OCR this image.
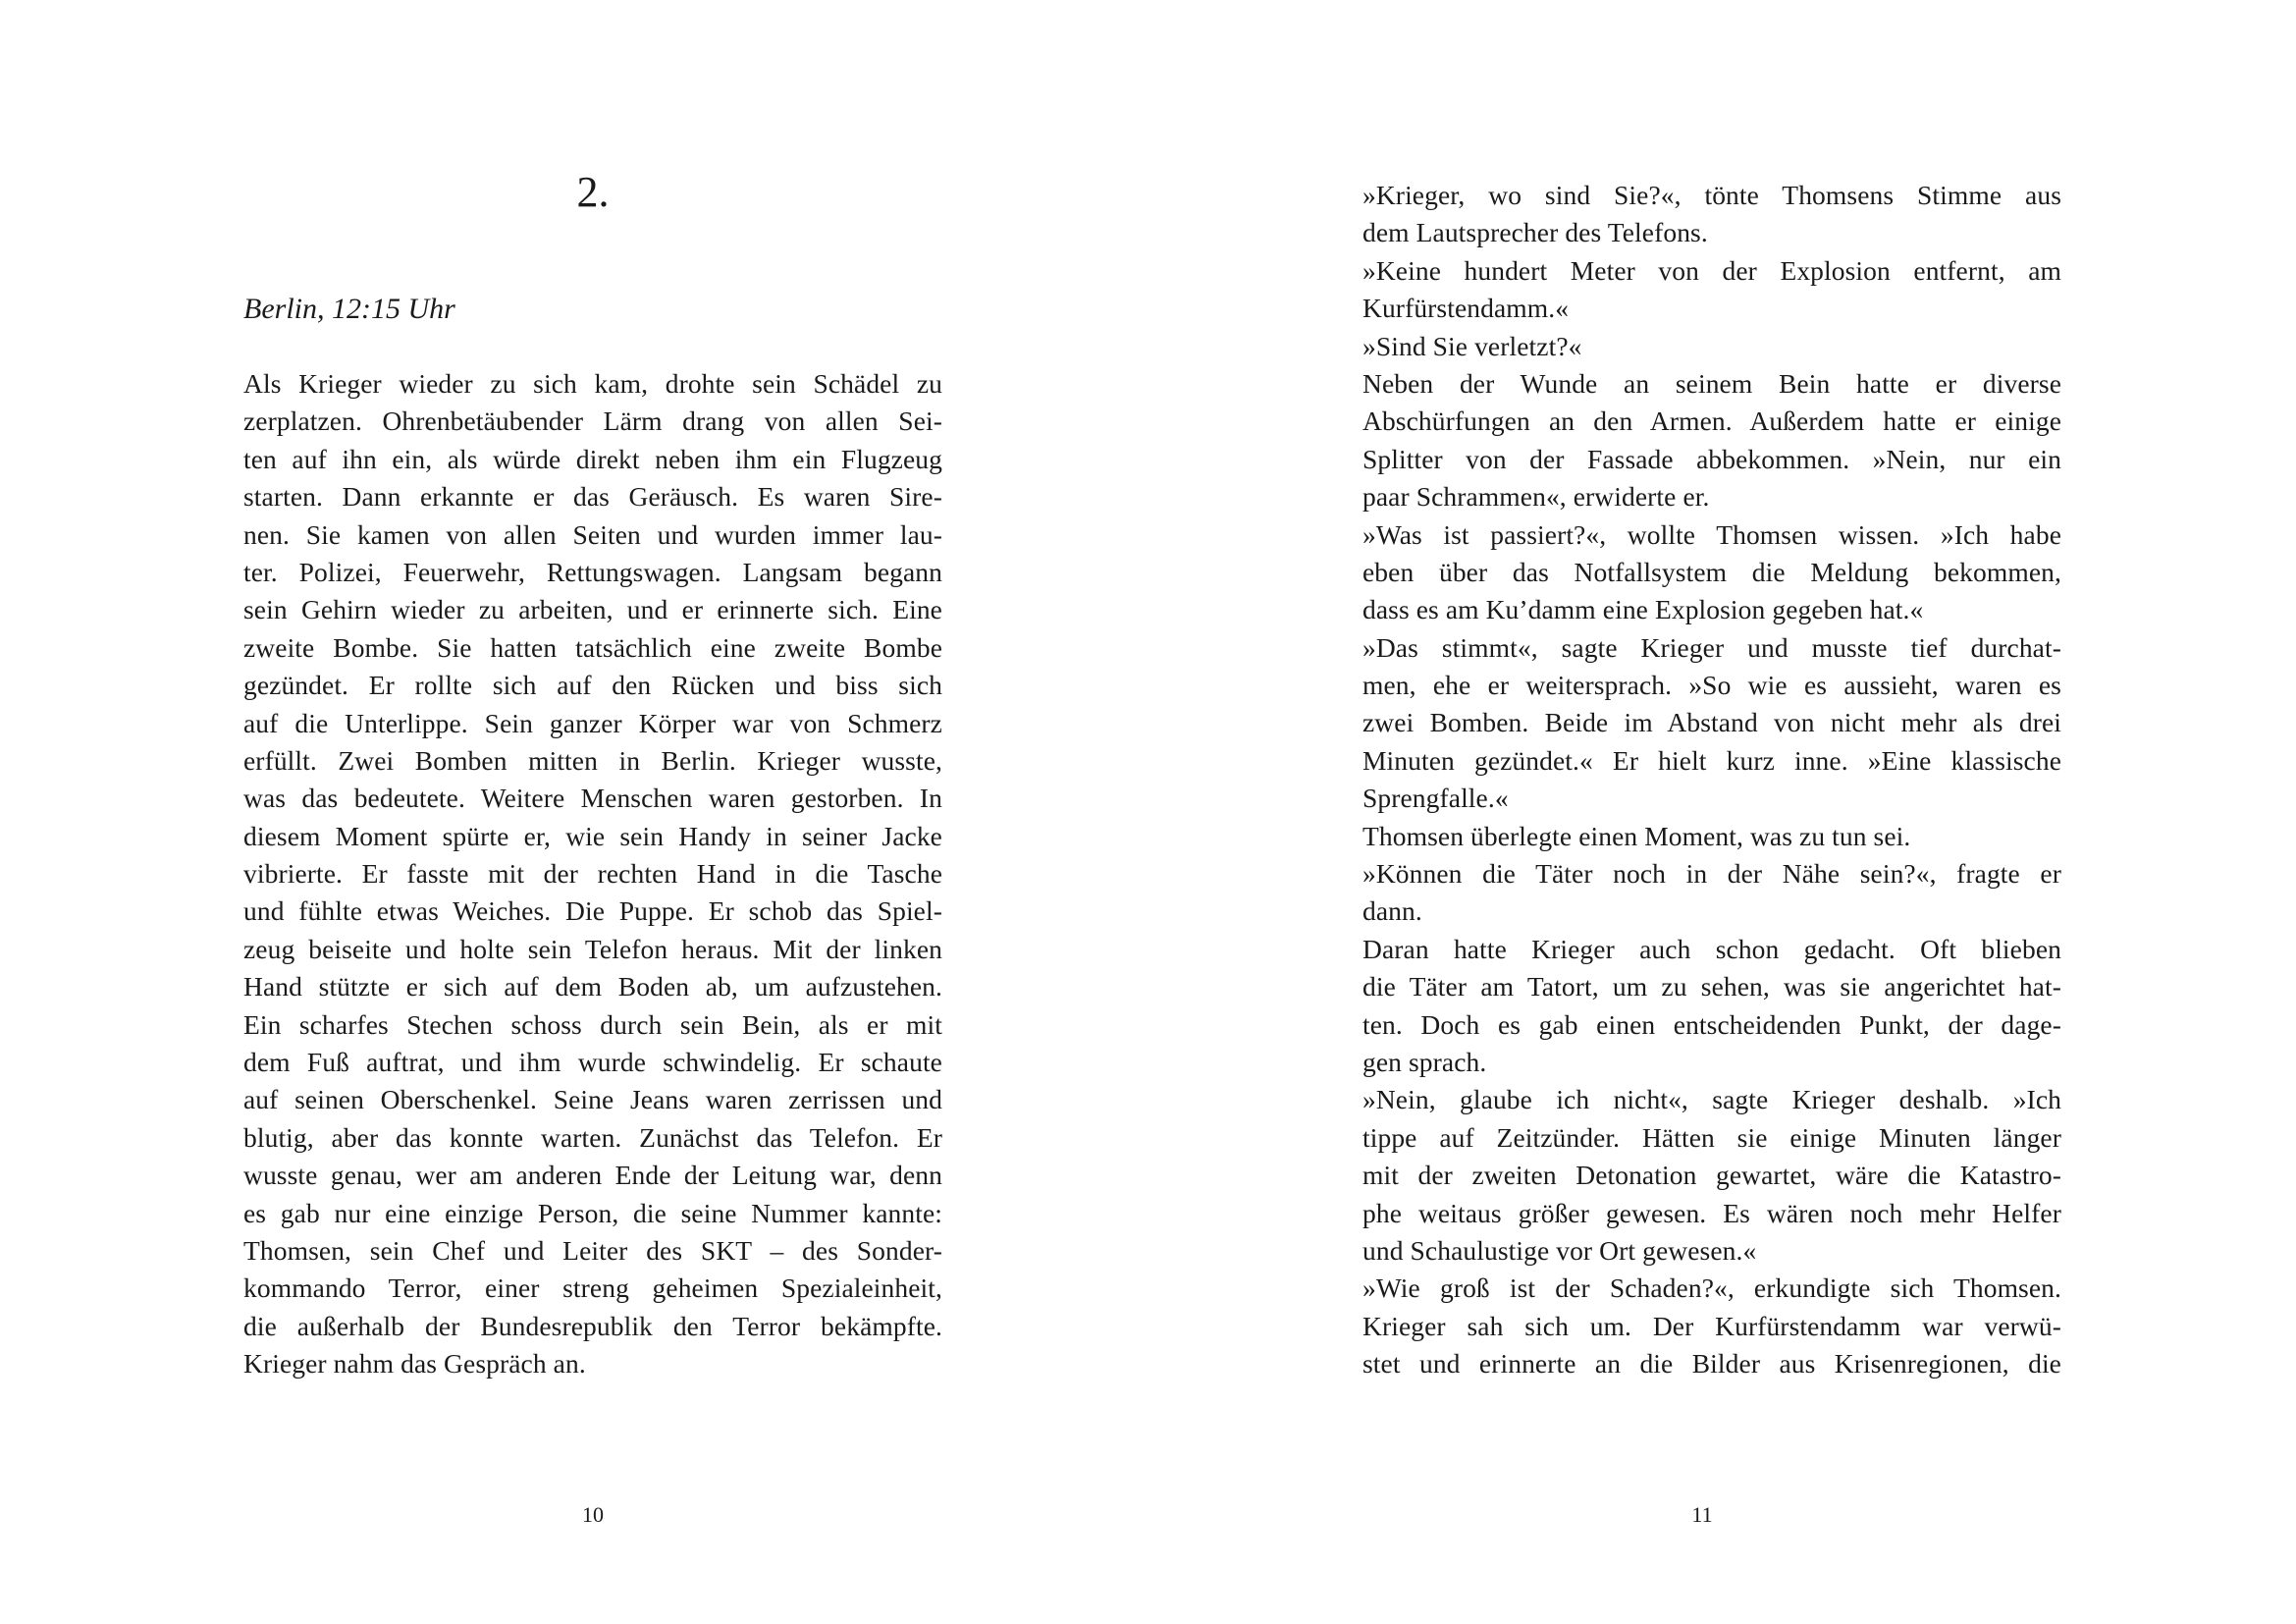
2.
Berlin, 12:15 Uhr
Als Krieger wieder zu sich kam, drohte sein Schädel zu
zerplatzen. Ohrenbetäubender Lärm drang von allen Sei-
ten auf ihn ein, als würde direkt neben ihm ein Flugzeug
starten. Dann erkannte er das Geräusch. Es waren Sire-
nen. Sie kamen von allen Seiten und wurden immer lau-
ter. Polizei, Feuerwehr, Rettungswagen. Langsam begann
sein Gehirn wieder zu arbeiten, und er erinnerte sich. Eine
zweite Bombe. Sie hatten tatsächlich eine zweite Bombe
gezündet. Er rollte sich auf den Rücken und biss sich
auf die Unterlippe. Sein ganzer Körper war von Schmerz
erfüllt. Zwei Bomben mitten in Berlin. Krieger wusste,
was das bedeutete. Weitere Menschen waren gestorben. In
diesem Moment spürte er, wie sein Handy in seiner Jacke
vibrierte. Er fasste mit der rechten Hand in die Tasche
und fühlte etwas Weiches. Die Puppe. Er schob das Spiel-
zeug beiseite und holte sein Telefon heraus. Mit der linken
Hand stützte er sich auf dem Boden ab, um aufzustehen.
Ein scharfes Stechen schoss durch sein Bein, als er mit
dem Fuß auftrat, und ihm wurde schwindelig. Er schaute
auf seinen Oberschenkel. Seine Jeans waren zerrissen und
blutig, aber das konnte warten. Zunächst das Telefon. Er
wusste genau, wer am anderen Ende der Leitung war, denn
es gab nur eine einzige Person, die seine Nummer kannte:
Thomsen, sein Chef und Leiter des SKT – des Sonder-
kommando Terror, einer streng geheimen Spezialeinheit,
die außerhalb der Bundesrepublik den Terror bekämpfte.
Krieger nahm das Gespräch an.
10
»Krieger, wo sind Sie?«, tönte Thomsens Stimme aus
dem Lautsprecher des Telefons.
»Keine hundert Meter von der Explosion entfernt, am
Kurfürstendamm.«
»Sind Sie verletzt?«
Neben der Wunde an seinem Bein hatte er diverse
Abschürfungen an den Armen. Außerdem hatte er einige
Splitter von der Fassade abbekommen. »Nein, nur ein
paar Schrammen«, erwiderte er.
»Was ist passiert?«, wollte Thomsen wissen. »Ich habe
eben über das Notfallsystem die Meldung bekommen,
dass es am Ku’damm eine Explosion gegeben hat.«
»Das stimmt«, sagte Krieger und musste tief durchat-
men, ehe er weitersprach. »So wie es aussieht, waren es
zwei Bomben. Beide im Abstand von nicht mehr als drei
Minuten gezündet.« Er hielt kurz inne. »Eine klassische
Sprengfalle.«
Thomsen überlegte einen Moment, was zu tun sei.
»Können die Täter noch in der Nähe sein?«, fragte er
dann.
Daran hatte Krieger auch schon gedacht. Oft blieben
die Täter am Tatort, um zu sehen, was sie angerichtet hat-
ten. Doch es gab einen entscheidenden Punkt, der dage-
gen sprach.
»Nein, glaube ich nicht«, sagte Krieger deshalb. »Ich
tippe auf Zeitzünder. Hätten sie einige Minuten länger
mit der zweiten Detonation gewartet, wäre die Katastro-
phe weitaus größer gewesen. Es wären noch mehr Helfer
und Schaulustige vor Ort gewesen.«
»Wie groß ist der Schaden?«, erkundigte sich Thomsen.
Krieger sah sich um. Der Kurfürstendamm war verwü-
stet und erinnerte an die Bilder aus Krisenregionen, die
11
